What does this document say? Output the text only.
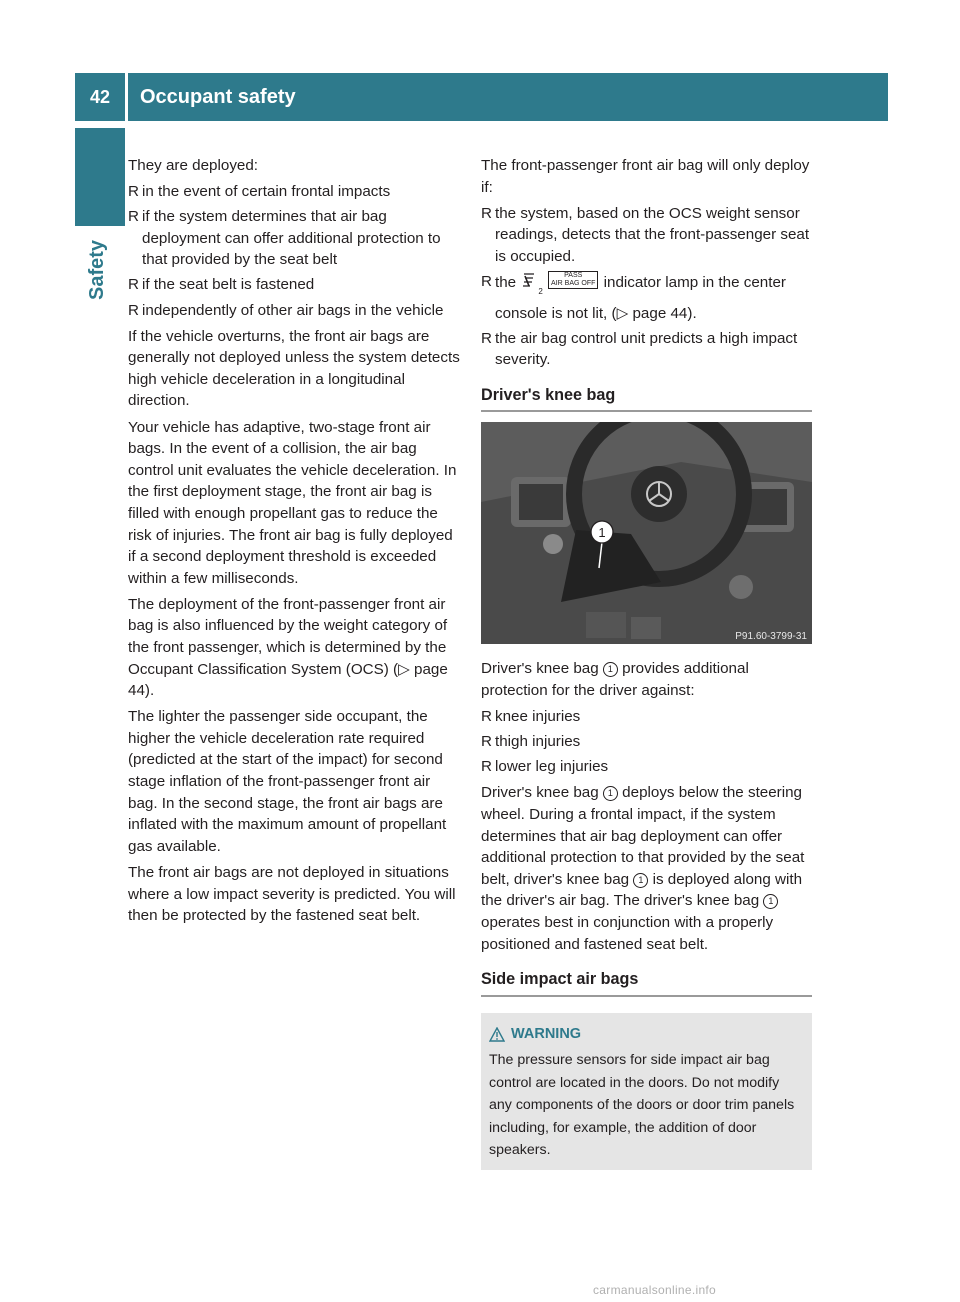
42	Occupant safety
Safety

They are deployed:

R in the event of certain frontal impacts
R if the system determines that air bag deployment can offer additional protection to that provided by the seat belt
R if the seat belt is fastened
R independently of other air bags in the vehicle

If the vehicle overturns, the front air bags are generally not deployed unless the system detects high vehicle deceleration in a longitudinal direction.

Your vehicle has adaptive, two-stage front air bags. In the event of a collision, the air bag control unit evaluates the vehicle deceleration. In the first deployment stage, the front air bag is filled with enough propellant gas to reduce the risk of injuries. The front air bag is fully deployed if a second deployment threshold is exceeded within a few milliseconds.

The deployment of the front-passenger front air bag is also influenced by the weight category of the front passenger, which is determined by the Occupant Classification System (OCS) (▷ page 44).

The lighter the passenger side occupant, the higher the vehicle deceleration rate required (predicted at the start of the impact) for second stage inflation of the front-passenger front air bag. In the second stage, the front air bags are inflated with the maximum amount of propellant gas available.

The front air bags are not deployed in situations where a low impact severity is predicted. You will then be protected by the fastened seat belt.

The front-passenger front air bag will only deploy if:

R the system, based on the OCS weight sensor readings, detects that the front-passenger seat is occupied.
R the $_2$ PASS
AIR BAG OFF indicator lamp in the center console is not lit, (▷ page 44).
R the air bag control unit predicts a high impact severity.
Driver's knee bag
1
P91.60-3799-31

Driver's knee bag 1 provides additional protection for the driver against:

R knee injuries
R thigh injuries
R lower leg injuries

Driver's knee bag 1 deploys below the steering wheel. During a frontal impact, if the system determines that air bag deployment can offer additional protection to that provided by the seat belt, driver's knee bag 1 is deployed along with the driver's air bag. The driver's knee bag 1 operates best in conjunction with a properly positioned and fastened seat belt.

Side impact air bags
WARNING
The pressure sensors for side impact air bag control are located in the doors. Do not modify any components of the doors or door trim panels including, for example, the addition of door speakers.
carmanualsonline.info
